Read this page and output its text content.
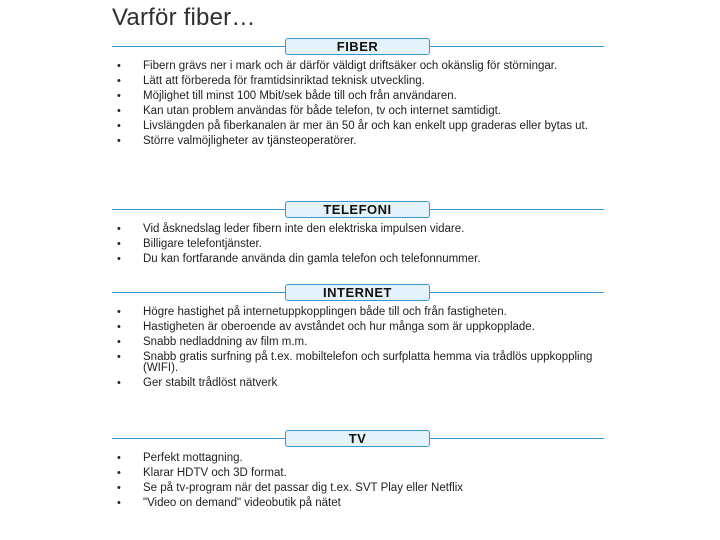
Varför fiber…
FIBER
• Fibern grävs ner i mark och är därför väldigt driftsäker och okänslig för störningar.
• Lätt att förbereda för framtidsinriktad teknisk utveckling.
• Möjlighet till minst 100 Mbit/sek både till och från användaren.
• Kan utan problem användas för både telefon, tv och internet samtidigt.
• Livslängden på fiberkanalen är mer än 50 år och kan enkelt upp graderas eller bytas ut.
• Större valmöjligheter av tjänsteoperatörer.
TELEFONI
• Vid åsknedslag leder fibern inte den elektriska impulsen vidare.
• Billigare telefontjänster.
• Du kan fortfarande använda din gamla telefon och telefonnummer.
INTERNET
• Högre hastighet på internetuppkopplingen både till och från fastigheten.
• Hastigheten är oberoende av avståndet och hur många som är uppkopplade.
• Snabb nedladdning av film m.m.
• Snabb gratis surfning på t.ex. mobiltelefon och surfplatta hemma via trådlös uppkoppling (WIFI).
• Ger stabilt trådlöst nätverk
TV
• Perfekt mottagning.
• Klarar HDTV och 3D format.
• Se på tv-program när det passar dig t.ex. SVT Play eller Netflix
• "Video on demand" videobutik på nätet
